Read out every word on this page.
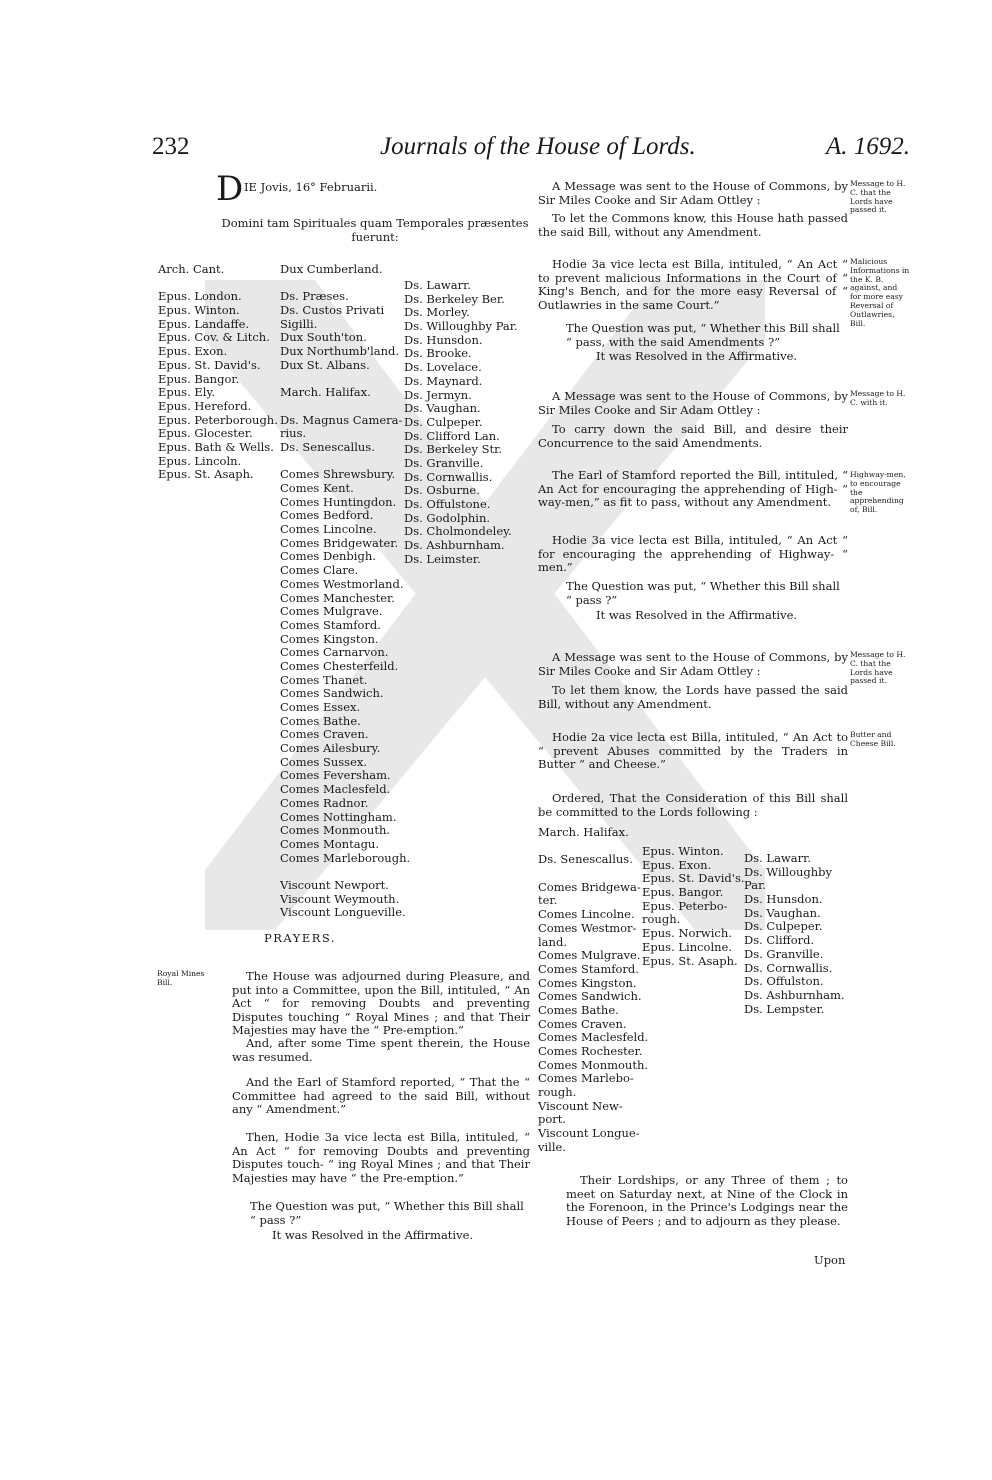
232	Journals of the House of Lords.	A. 1692.
D IE Jovis, 16° Februarii.
Domini tam Spirituales quam Temporales præsentes fuerunt:
Arch. Cant.
Epus. London.
Epus. Winton.
Epus. Landaffe.
Epus. Cov. & Litch.
Epus. Exon.
Epus. St. David's.
Epus. Bangor.
Epus. Ely.
Epus. Hereford.
Epus. Peterborough.
Epus. Glocester.
Epus. Bath & Wells.
Epus. Lincoln.
Epus. St. Asaph.
Dux Cumberland.
Ds. Præses.
Ds. Custos Privati
Sigilli.
Dux South'ton.
Dux Northumb'land.
Dux St. Albans.
March. Halifax.
Ds. Magnus Camera-
rius.
Ds. Senescallus.
Comes Shrewsbury.
Comes Kent.
Comes Huntingdon.
Comes Bedford.
Comes Lincolne.
Comes Bridgewater.
Comes Denbigh.
Comes Clare.
Comes Westmorland.
Comes Manchester.
Comes Mulgrave.
Comes Stamford.
Comes Kingston.
Comes Carnarvon.
Comes Chesterfeild.
Comes Thanet.
Comes Sandwich.
Comes Essex.
Comes Bathe.
Comes Craven.
Comes Ailesbury.
Comes Sussex.
Comes Feversham.
Comes Maclesfeld.
Comes Radnor.
Comes Nottingham.
Comes Monmouth.
Comes Montagu.
Comes Marleborough.
Viscount Newport.
Viscount Weymouth.
Viscount Longueville.
Ds. Lawarr.
Ds. Berkeley Ber.
Ds. Morley.
Ds. Willoughby Par.
Ds. Hunsdon.
Ds. Brooke.
Ds. Lovelace.
Ds. Maynard.
Ds. Jermyn.
Ds. Vaughan.
Ds. Culpeper.
Ds. Clifford Lan.
Ds. Berkeley Str.
Ds. Granville.
Ds. Cornwallis.
Ds. Osburne.
Ds. Offulstone.
Ds. Godolphin.
Ds. Cholmondeley.
Ds. Ashburnham.
Ds. Leimster.
PRAYERS.
Royal Mines Bill.	The House was adjourned during Pleasure, and put into a Committee, upon the Bill, intituled, “ An Act “ for removing Doubts and preventing Disputes touching “ Royal Mines ; and that Their Majesties may have the “ Pre-emption.”
And, after some Time spent therein, the House was resumed.
And the Earl of Stamford reported, “ That the “ Committee had agreed to the said Bill, without any “ Amendment.”
Then, Hodie 3a vice lecta est Billa, intituled, “ An Act “ for removing Doubts and preventing Disputes touch- “ ing Royal Mines ; and that Their Majesties may have “ the Pre-emption.”
The Question was put, “ Whether this Bill shall “ pass ?”
It was Resolved in the Affirmative.
A Message was sent to the House of Commons, by Sir Miles Cooke and Sir Adam Ottley :
Message to H. C. that the Lords have passed it.
To let the Commons know, this House hath passed the said Bill, without any Amendment.
Hodie 3a vice lecta est Billa, intituled, “ An Act “ to prevent malicious Informations in the Court of “ King's Bench, and for the more easy Reversal of “ Outlawries in the same Court.”
Malicious Informations in the K. B. against, and for more easy Reversal of Outlawries, Bill.
The Question was put, “ Whether this Bill shall “ pass, with the said Amendments ?”
It was Resolved in the Affirmative.
A Message was sent to the House of Commons, by Sir Miles Cooke and Sir Adam Ottley :
Message to H. C. with it.
To carry down the said Bill, and desire their Concurrence to the said Amendments.
The Earl of Stamford reported the Bill, intituled, “ An Act for encouraging the apprehending of High- “ way-men,” as fit to pass, without any Amendment.
Highway-men, to encourage the apprehending of, Bill.
Hodie 3a vice lecta est Billa, intituled, “ An Act “ for encouraging the apprehending of Highway- “ men.”
The Question was put, “ Whether this Bill shall “ pass ?”
It was Resolved in the Affirmative.
A Message was sent to the House of Commons, by Sir Miles Cooke and Sir Adam Ottley :
Message to H. C. that the Lords have passed it.
To let them know, the Lords have passed the said Bill, without any Amendment.
Hodie 2a vice lecta est Billa, intituled, “ An Act to “ prevent Abuses committed by the Traders in Butter “ and Cheese.”
Butter and Cheese Bill.
Ordered, That the Consideration of this Bill shall be committed to the Lords following :
March. Halifax.
Ds. Senescallus.
Comes Bridgewa-
ter.
Comes Lincolne.
Comes Westmor-
land.
Comes Mulgrave.
Comes Stamford.
Comes Kingston.
Comes Sandwich.
Comes Bathe.
Comes Craven.
Comes Maclesfeld.
Comes Rochester.
Comes Monmouth.
Comes Marlebo-
rough.
Viscount New-
port.
Viscount Longue-
ville.
Epus. Winton.
Epus. Exon.
Epus. St. David's.
Epus. Bangor.
Epus. Peterbo-
rough.
Epus. Norwich.
Epus. Lincolne.
Epus. St. Asaph.
Ds. Lawarr.
Ds. Willoughby
Par.
Ds. Hunsdon.
Ds. Vaughan.
Ds. Culpeper.
Ds. Clifford.
Ds. Granville.
Ds. Cornwallis.
Ds. Offulston.
Ds. Ashburnham.
Ds. Lempster.
Their Lordships, or any Three of them ; to meet on Saturday next, at Nine of the Clock in the Forenoon, in the Prince's Lodgings near the House of Peers ; and to adjourn as they please.
Upon
